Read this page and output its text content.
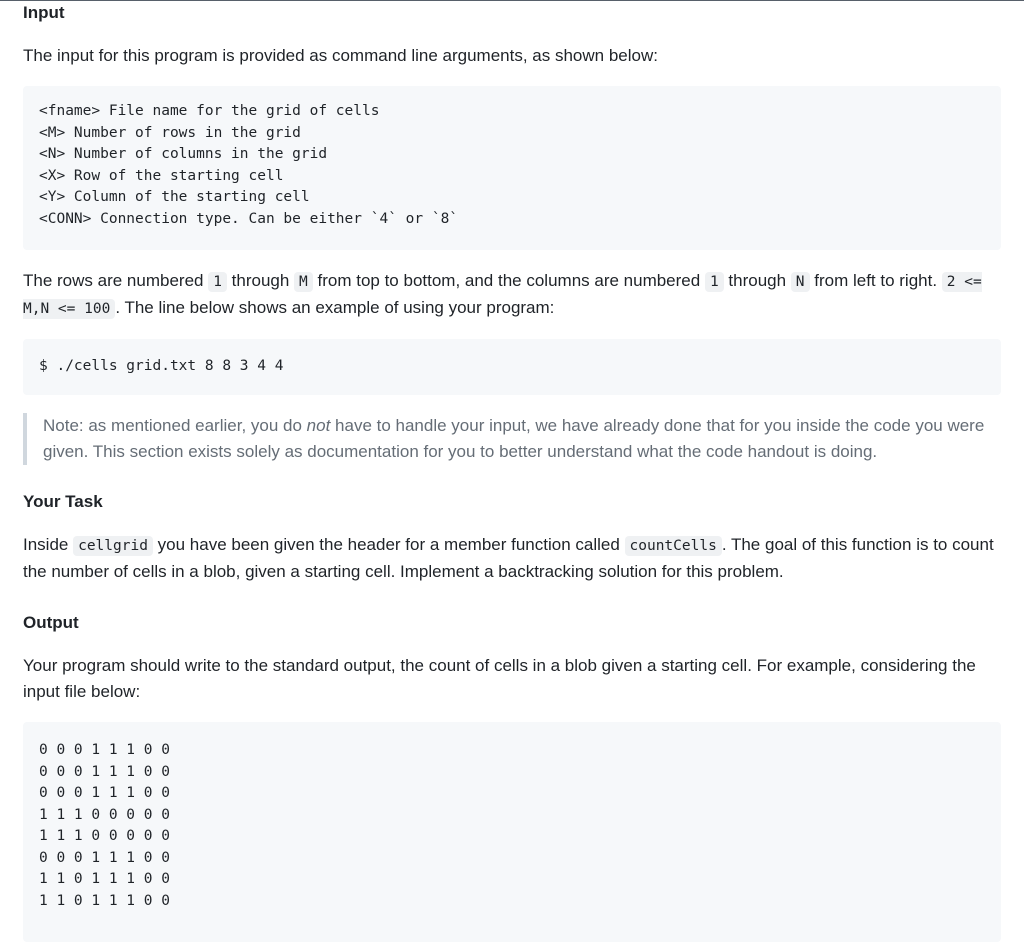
Input

The input for this program is provided as command line arguments, as shown below:

<fname> File name for the grid of cells
<M> Number of rows in the grid
<N> Number of columns in the grid
<X> Row of the starting cell
<Y> Column of the starting cell
<CONN> Connection type. Can be either `4` or `8`

The rows are numbered 1 through M from top to bottom, and the columns are numbered 1 through N from left to right. 2 <= M,N <= 100 . The line below shows an example of using your program:

$ ./cells grid.txt 8 8 3 4 4
Note: as mentioned earlier, you do not have to handle your input, we have already done that for you inside the code you were given. This section exists solely as documentation for you to better understand what the code handout is doing.
Your Task

Inside cellgrid you have been given the header for a member function called countCells . The goal of this function is to count the number of cells in a blob, given a starting cell. Implement a backtracking solution for this problem.

Output

Your program should write to the standard output, the count of cells in a blob given a starting cell. For example, considering the input file below:

0 0 0 1 1 1 0 0
0 0 0 1 1 1 0 0
0 0 0 1 1 1 0 0
1 1 1 0 0 0 0 0
1 1 1 0 0 0 0 0
0 0 0 1 1 1 0 0
1 1 0 1 1 1 0 0
1 1 0 1 1 1 0 0
